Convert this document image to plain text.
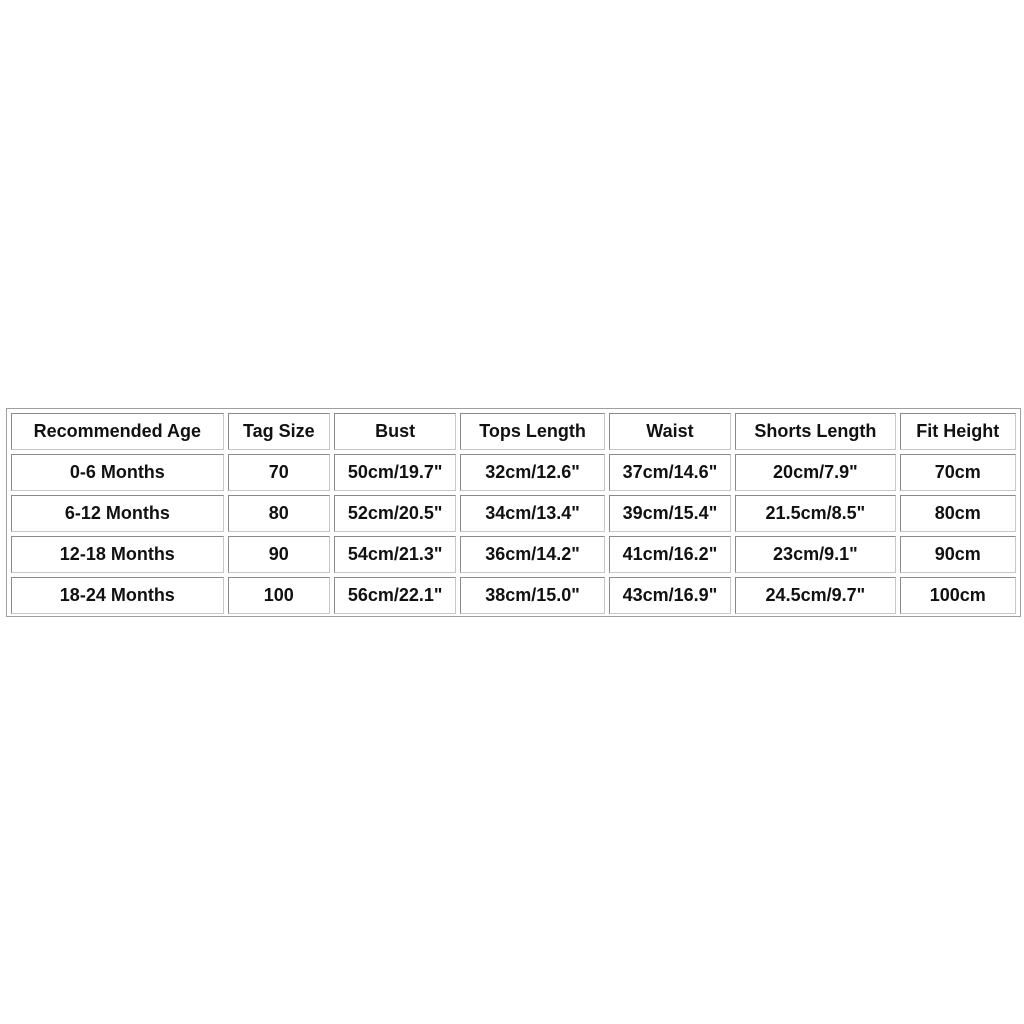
Recommended Age	Tag Size	Bust	Tops Length	Waist	Shorts Length	Fit Height
0-6 Months	70	50cm/19.7"	32cm/12.6"	37cm/14.6"	20cm/7.9"	70cm
6-12 Months	80	52cm/20.5"	34cm/13.4"	39cm/15.4"	21.5cm/8.5"	80cm
12-18 Months	90	54cm/21.3"	36cm/14.2"	41cm/16.2"	23cm/9.1"	90cm
18-24 Months	100	56cm/22.1"	38cm/15.0"	43cm/16.9"	24.5cm/9.7"	100cm
